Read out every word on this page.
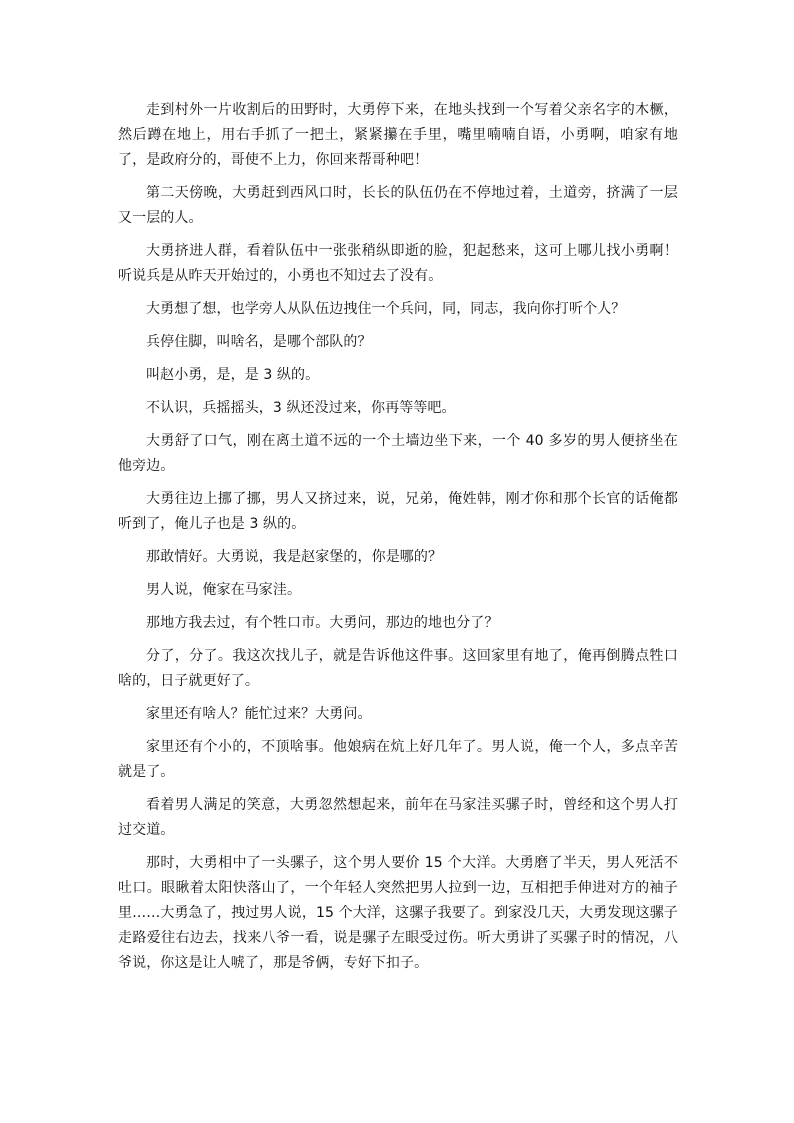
走到村外一片收割后的田野时，大勇停下来，在地头找到一个写着父亲名字的木橛，然后蹲在地上，用右手抓了一把土，紧紧攥在手里，嘴里喃喃自语，小勇啊，咱家有地了，是政府分的，哥使不上力，你回来帮哥种吧！

第二天傍晚，大勇赶到西风口时，长长的队伍仍在不停地过着，土道旁，挤满了一层又一层的人。

大勇挤进人群，看着队伍中一张张稍纵即逝的脸，犯起愁来，这可上哪儿找小勇啊！听说兵是从昨天开始过的，小勇也不知过去了没有。

大勇想了想，也学旁人从队伍边拽住一个兵问，同，同志，我向你打听个人？

兵停住脚，叫啥名，是哪个部队的？

叫赵小勇，是，是 3 纵的。

不认识，兵摇摇头，3 纵还没过来，你再等等吧。

大勇舒了口气，刚在离土道不远的一个土墙边坐下来，一个 40 多岁的男人便挤坐在他旁边。

大勇往边上挪了挪，男人又挤过来，说，兄弟，俺姓韩，刚才你和那个长官的话俺都听到了，俺儿子也是 3 纵的。

那敢情好。大勇说，我是赵家堡的，你是哪的？

男人说，俺家在马家洼。

那地方我去过，有个牲口市。大勇问，那边的地也分了？

分了，分了。我这次找儿子，就是告诉他这件事。这回家里有地了，俺再倒腾点牲口啥的，日子就更好了。

家里还有啥人？能忙过来？大勇问。

家里还有个小的，不顶啥事。他娘病在炕上好几年了。男人说，俺一个人，多点辛苦就是了。

看着男人满足的笑意，大勇忽然想起来，前年在马家洼买骡子时，曾经和这个男人打过交道。

那时，大勇相中了一头骡子，这个男人要价 15 个大洋。大勇磨了半天，男人死活不吐口。眼瞅着太阳快落山了，一个年轻人突然把男人拉到一边，互相把手伸进对方的袖子里……大勇急了，拽过男人说，15 个大洋，这骡子我要了。到家没几天，大勇发现这骡子走路爱往右边去，找来八爷一看，说是骡子左眼受过伤。听大勇讲了买骡子时的情况，八爷说，你这是让人唬了，那是爷俩，专好下扣子。
